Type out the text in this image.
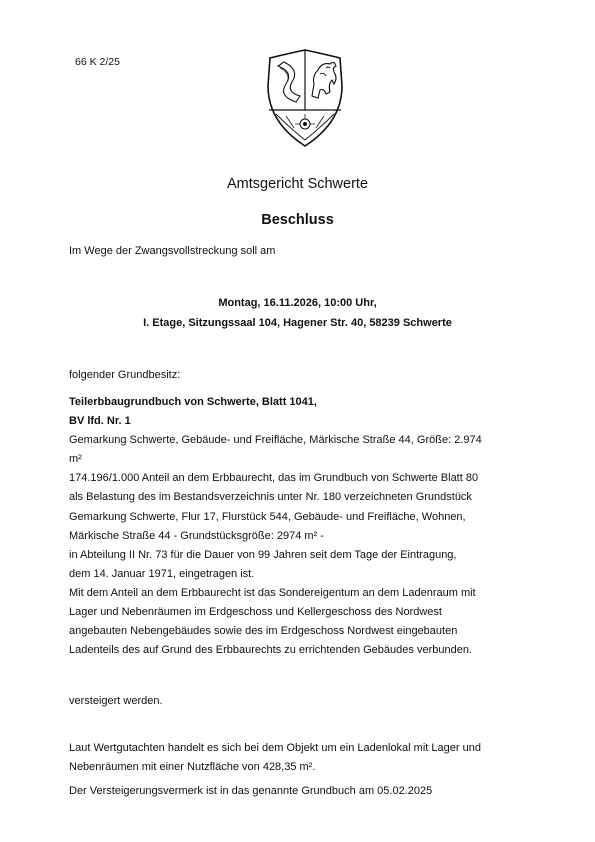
66 K 2/25
Amtsgericht Schwerte
Beschluss
Im Wege der Zwangsvollstreckung soll am
Montag, 16.11.2026, 10:00 Uhr,
I. Etage, Sitzungssaal 104, Hagener Str. 40, 58239 Schwerte
folgender Grundbesitz:
Teilerbbaugrundbuch von Schwerte, Blatt 1041,
BV lfd. Nr. 1
Gemarkung Schwerte, Gebäude- und Freifläche, Märkische Straße 44, Größe: 2.974
m²
174.196/1.000 Anteil an dem Erbbaurecht, das im Grundbuch von Schwerte Blatt 80
als Belastung des im Bestandsverzeichnis unter Nr. 180 verzeichneten Grundstück
Gemarkung Schwerte, Flur 17, Flurstück 544, Gebäude- und Freifläche, Wohnen,
Märkische Straße 44 - Grundstücksgröße: 2974 m² -
in Abteilung II Nr. 73 für die Dauer von 99 Jahren seit dem Tage der Eintragung,
dem 14. Januar 1971, eingetragen ist.
Mit dem Anteil an dem Erbbaurecht ist das Sondereigentum an dem Ladenraum mit
Lager und Nebenräumen im Erdgeschoss und Kellergeschoss des Nordwest
angebauten Nebengebäudes sowie des im Erdgeschoss Nordwest eingebauten
Ladenteils des auf Grund des Erbbaurechts zu errichtenden Gebäudes verbunden.
versteigert werden.
Laut Wertgutachten handelt es sich bei dem Objekt um ein Ladenlokal mit Lager und
Nebenräumen mit einer Nutzfläche von 428,35 m².
Der Versteigerungsvermerk ist in das genannte Grundbuch am 05.02.2025
